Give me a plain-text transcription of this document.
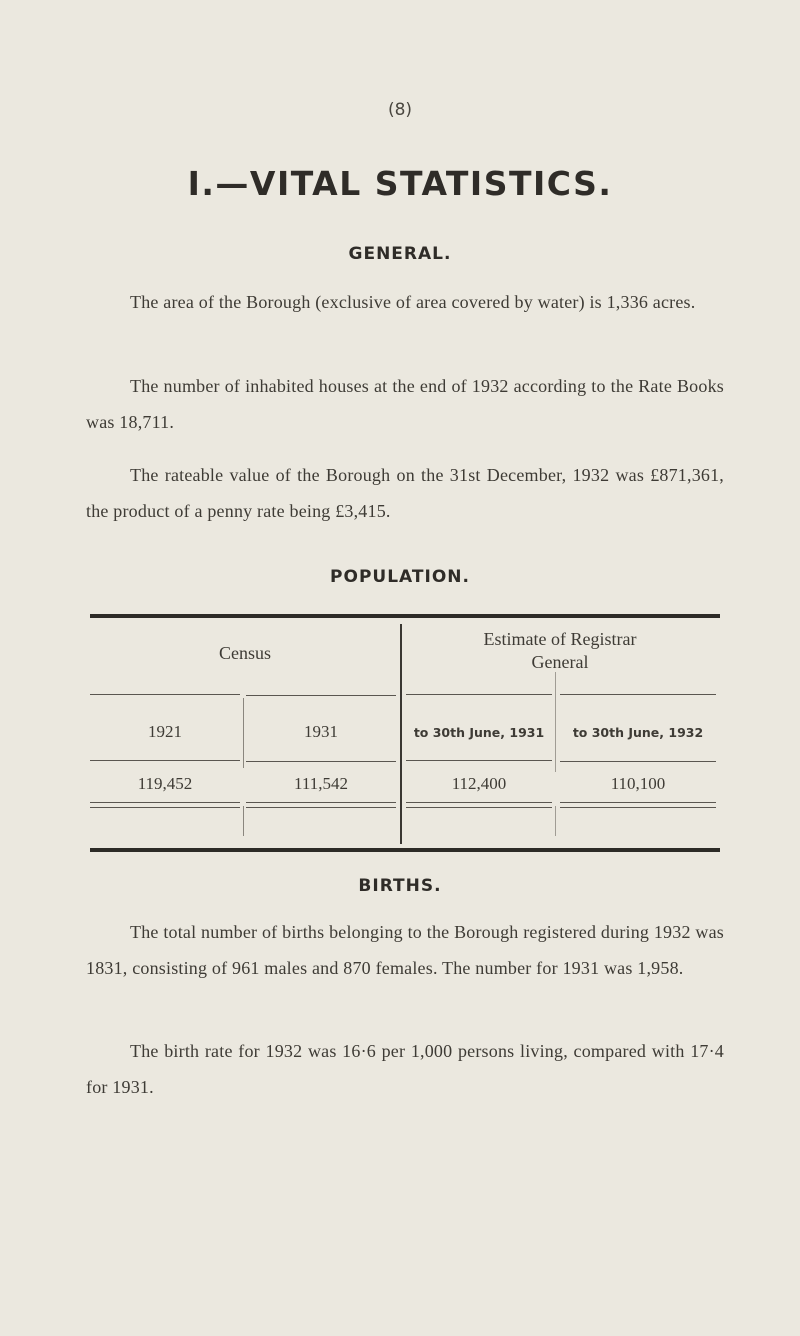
(8)
I.—VITAL STATISTICS.
GENERAL.

The area of the Borough (exclusive of area covered by water) is 1,336 acres.

The number of inhabited houses at the end of 1932 according to the Rate Books was 18,711.

The rateable value of the Borough on the 31st December, 1932 was £871,361, the product of a penny rate being £3,415.

POPULATION.
Census
Estimate of Registrar General
1921	1931	to 30th June, 1931	to 30th June, 1932
119,452	111,542	112,400	110,100
BIRTHS.

The total number of births belonging to the Borough registered during 1932 was 1831, consisting of 961 males and 870 females. The number for 1931 was 1,958.

The birth rate for 1932 was 16·6 per 1,000 persons living, compared with 17·4 for 1931.
